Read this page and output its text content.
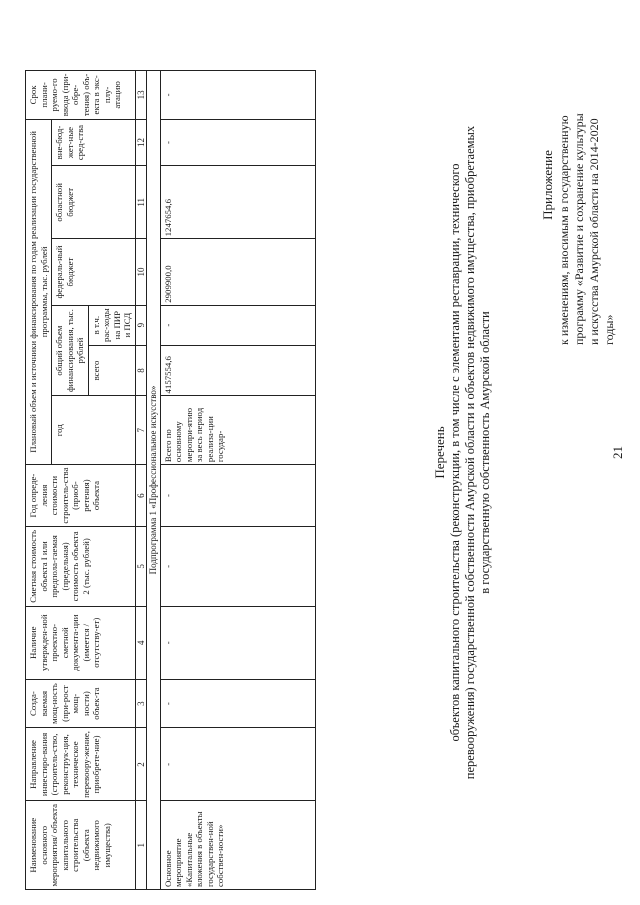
21
Приложение к изменениям, вносимым в государственную программу «Развитие и сохранение культуры и искусства Амурской области на 2014-2020 годы»
Перечень объектов капитального строительства (реконструкции, в том числе с элементами реставрации, технического перевооружения) государственной собственности Амурской области и объектов недвижимого имущества, приобретаемых в государственную собственность Амурской области
Наименование основного мероприятия/ объекта капитального строительства (объекта недвижимого имущества)	Направление инвестиро-вания (строитель-ство, реконструк-ция, техническое перевоору-жение, приобрете-ние)	Созда-ваемая мощ-ность (при-рост мощ-ности) объек-та	Наличие утвержден-ной проектно-сметной документа-ции (имеется / отсутству-ет)	Сметная стоимость объекта I или предпола-гаемая (предельная) стоимость объекта 2 (тыс. рублей)	Год опреде-ления стоимости строитель-ства (приоб-ретения) объекта	Плановый объем и источники финансирования по годам реализации государственной программы, тыс. рублей						Срок плани-руемо-го ввода (при-обре-тения) объ-екта в экс-плу-атацию
						год	общий объем финансирования, тыс. рублей		федераль-ный бюджет	областной бюджет	вне-бюд-жет-ные сред-ства	
							всего	в т.ч. рас-ходы на ПИР и ПСД				

1	2	3	4	5	6	7	8	9	10	11	12	13
Подпрограмма 1 «Профессиональное искусство»												
Основное мероприятие «Капитальные вложения в объекты государствен-ной собствен-ности»	-	-	-	-	-	Всего по основному меропри-ятию за весь период реализа-ции государ-	4157554,6	-	2909900,0	1247654,6	-	-
